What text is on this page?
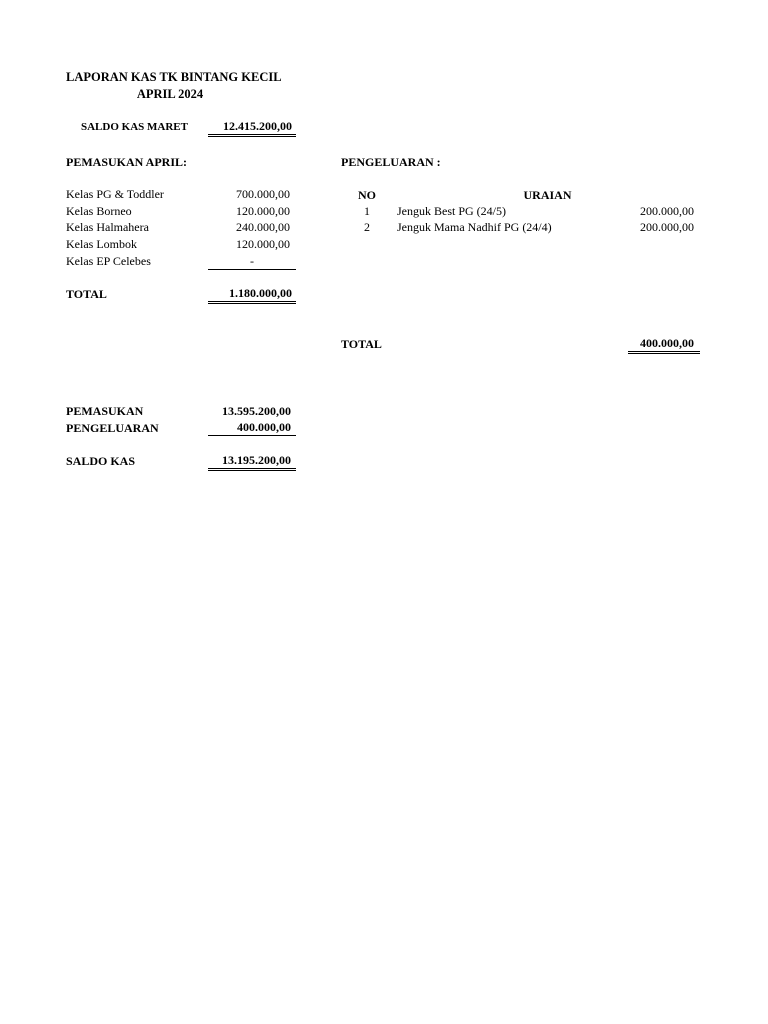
LAPORAN KAS TK BINTANG KECIL
APRIL 2024
SALDO KAS MARET	12.415.200,00
PEMASUKAN APRIL:
Kelas PG & Toddler	700.000,00
Kelas Borneo	120.000,00
Kelas Halmahera	240.000,00
Kelas Lombok	120.000,00
Kelas EP Celebes	-
TOTAL	1.180.000,00
PENGELUARAN :
NO	URAIAN
1	Jenguk Best PG (24/5)	200.000,00
2	Jenguk Mama Nadhif PG (24/4)	200.000,00
TOTAL	400.000,00
PEMASUKAN	13.595.200,00
PENGELUARAN	400.000,00
SALDO KAS	13.195.200,00
